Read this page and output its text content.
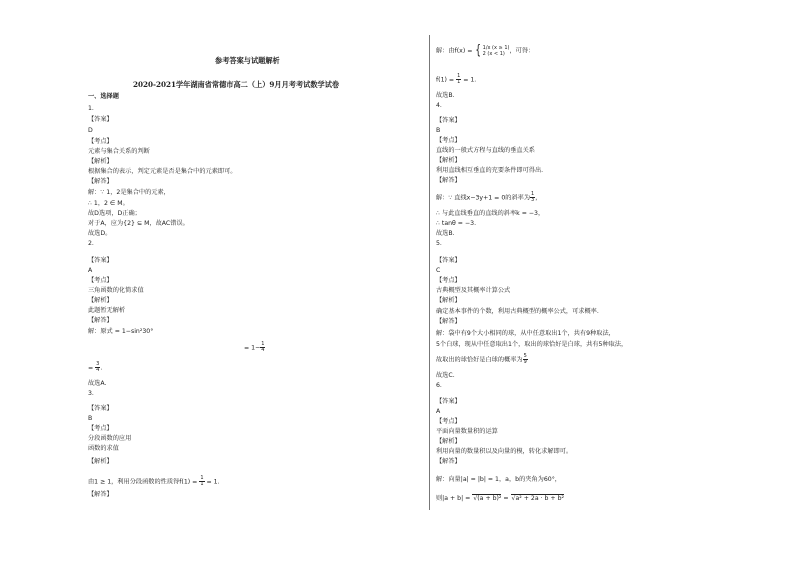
参考答案与试题解析
2020-2021学年湖南省常德市高二（上）9月月考考试数学试卷
一、选择题
1.
【答案】
D
【考点】
元素与集合关系的判断
【解析】
根据集合的表示，判定元素是否是集合中的元素即可。
【解答】
解：∵ 1，2是集合中的元素，
∴ 1，2 ∈ M。
故D选项，D正确；
对于A，应为{2} ⊆ M，故AC错误。
故选D。
2.
【答案】
A
【考点】
三角函数的化简求值
【解析】
此题暂无解析
【解答】
解：原式 = 1−sin²30°
= $1- \frac{1}{4}$
= $\frac{3}{4}$ .
故选A.
3.
【答案】
B
【考点】
分段函数的应用
函数的求值
【解析】
由1 ≥ 1，利用分段函数的性质得$f(1) = \frac{1}{1} = 1$.
【解答】
解：由f(x) = { 1/x (x ≥ 1)
2 (x < 1) ，可得：
$f(1) = \frac{1}{1} = 1$.
故选B.
4.
【答案】
B
【考点】
直线的一般式方程与直线的垂直关系
【解析】
利用直线相互垂直的充要条件即可得出.
【解答】
解：∵ 直线x−3y+1 = 0的斜率为 $\frac{1}{3}$ ，
∴ 与此直线垂直的直线的斜率k = −3，
∴ tanθ = −3.
故选B.
5.
【答案】
C
【考点】
古典概型及其概率计算公式
【解析】
确定基本事件的个数，利用古典概型的概率公式，可求概率.
【解答】
解：袋中有9个大小相同的球，从中任意取出1个，共有9种取法，
5个白球，现从中任意取出1个，取出的球恰好是白球，共有5种取法，
故取出的球恰好是白球的概率为 $\frac{5}{9}$
故选C.
6.
【答案】
A
【考点】
平面向量数量积的运算
【解析】
利用向量的数量积以及向量的模，转化求解即可。
【解答】
解：向量|a| = |b| = 1，a，b的夹角为60°，
则|a + b| = √(a + b)² = √a² + 2a · b + b²
